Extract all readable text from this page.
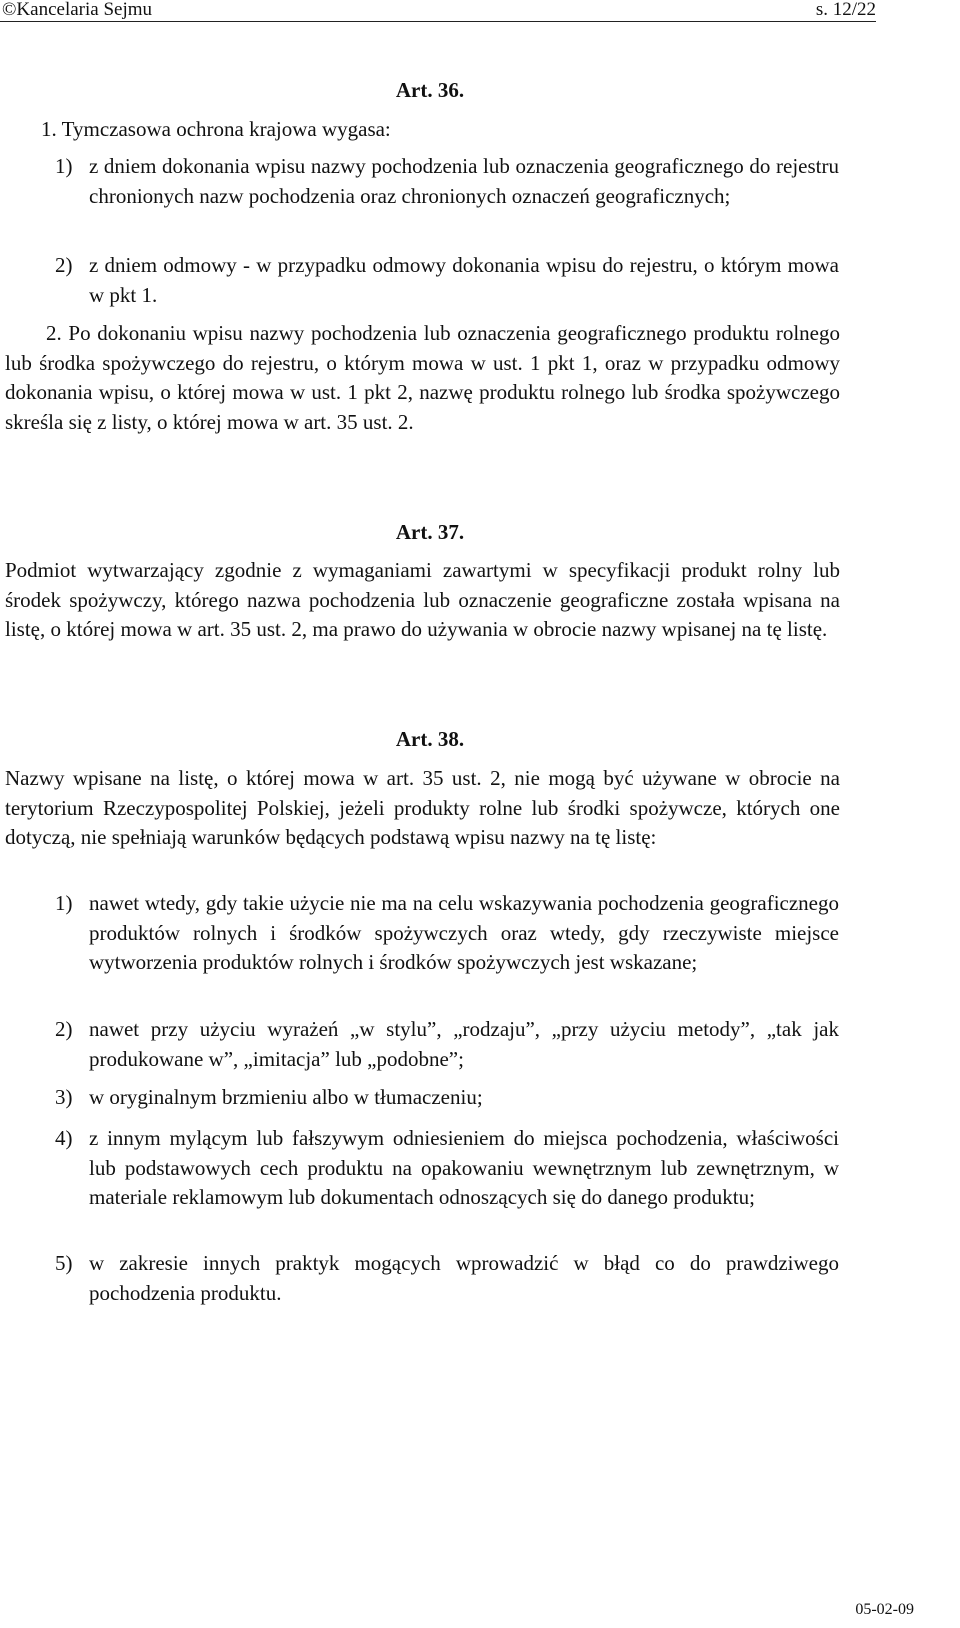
©Kancelaria Sejmu	s. 12/22
Art. 36.
1. Tymczasowa ochrona krajowa wygasa:
1) z dniem dokonania wpisu nazwy pochodzenia lub oznaczenia geograficznego do rejestru chronionych nazw pochodzenia oraz chronionych oznaczeń geograficznych;
2) z dniem odmowy - w przypadku odmowy dokonania wpisu do rejestru, o którym mowa w pkt 1.
2. Po dokonaniu wpisu nazwy pochodzenia lub oznaczenia geograficznego produktu rolnego lub środka spożywczego do rejestru, o którym mowa w ust. 1 pkt 1, oraz w przypadku odmowy dokonania wpisu, o której mowa w ust. 1 pkt 2, nazwę produktu rolnego lub środka spożywczego skreśla się z listy, o której mowa w art. 35 ust. 2.
Art. 37.
Podmiot wytwarzający zgodnie z wymaganiami zawartymi w specyfikacji produkt rolny lub środek spożywczy, którego nazwa pochodzenia lub oznaczenie geograficzne została wpisana na listę, o której mowa w art. 35 ust. 2, ma prawo do używania w obrocie nazwy wpisanej na tę listę.
Art. 38.
Nazwy wpisane na listę, o której mowa w art. 35 ust. 2, nie mogą być używane w obrocie na terytorium Rzeczypospolitej Polskiej, jeżeli produkty rolne lub środki spożywcze, których one dotyczą, nie spełniają warunków będących podstawą wpisu nazwy na tę listę:
1) nawet wtedy, gdy takie użycie nie ma na celu wskazywania pochodzenia geograficznego produktów rolnych i środków spożywczych oraz wtedy, gdy rzeczywiste miejsce wytworzenia produktów rolnych i środków spożywczych jest wskazane;
2) nawet przy użyciu wyrażeń „w stylu”, „rodzaju”, „przy użyciu metody”, „tak jak produkowane w”, „imitacja” lub „podobne”;
3) w oryginalnym brzmieniu albo w tłumaczeniu;
4) z innym mylącym lub fałszywym odniesieniem do miejsca pochodzenia, właściwości lub podstawowych cech produktu na opakowaniu wewnętrznym lub zewnętrznym, w materiale reklamowym lub dokumentach odnoszących się do danego produktu;
5) w zakresie innych praktyk mogących wprowadzić w błąd co do prawdziwego pochodzenia produktu.
05-02-09
